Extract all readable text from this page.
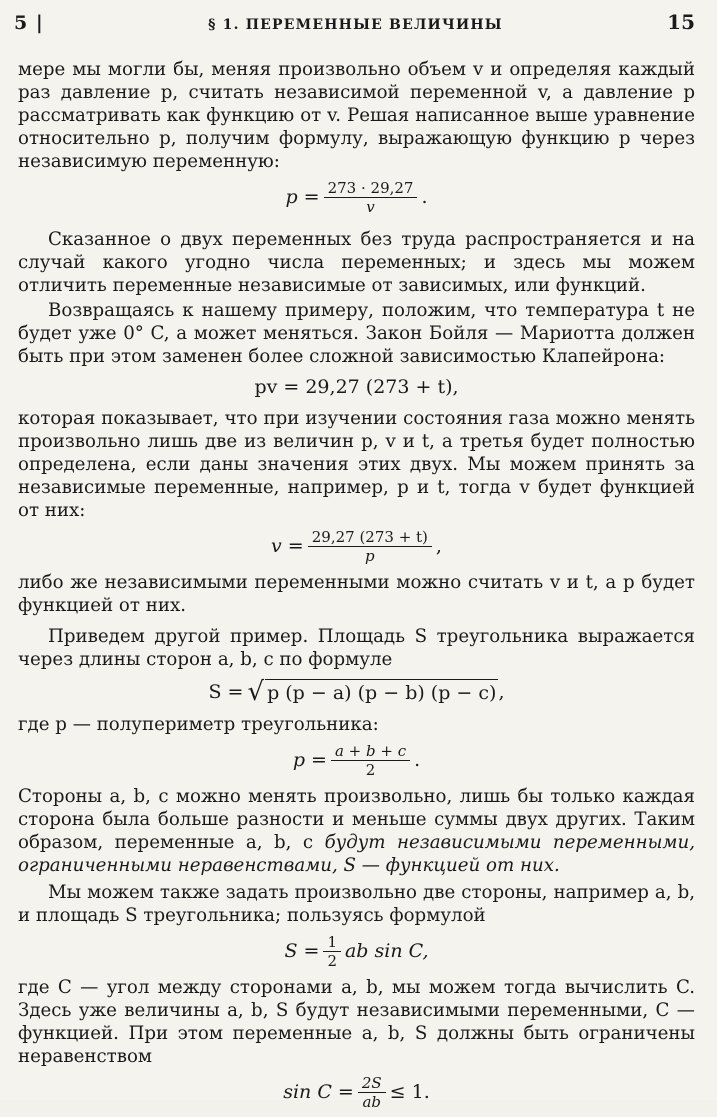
5 |	§ 1. ПЕРЕМЕННЫЕ ВЕЛИЧИНЫ	15

мере мы могли бы, меняя произвольно объем v и определяя каждый раз давление p, считать независимой переменной v, а давление p рассматривать как функцию от v. Решая написанное выше уравнение относительно p, получим формулу, выражающую функцию p через независимую переменную:

$p = \frac{273 \cdot 29,27}{v}$ .

Сказанное о двух переменных без труда распространяется и на случай какого угодно числа переменных; и здесь мы можем отличить переменные независимые от зависимых, или функций.

Возвращаясь к нашему примеру, положим, что температура t не будет уже 0° C, а может меняться. Закон Бойля — Мариотта должен быть при этом заменен более сложной зависимостью Клапейрона:

pv = 29,27 (273 + t),

которая показывает, что при изучении состояния газа можно менять произвольно лишь две из величин p, v и t, а третья будет полностью определена, если даны значения этих двух. Мы можем принять за независимые переменные, например, p и t, тогда v будет функцией от них:

$v = \frac{29,27 (273 + t)}{p}$ ,

либо же независимыми переменными можно считать v и t, а p будет функцией от них.

Приведем другой пример. Площадь S треугольника выражается через длины сторон a, b, c по формуле

S = √ p (p − a) (p − b) (p − c) ,

где p — полупериметр треугольника:

$p = \frac{a + b + c}{2}$ .

Стороны a, b, c можно менять произвольно, лишь бы только каждая сторона была больше разности и меньше суммы двух других. Таким образом, переменные a, b, c будут независимыми переменными, ограниченными неравенствами, S — функцией от них.

Мы можем также задать произвольно две стороны, например a, b, и площадь S треугольника; пользуясь формулой

$S = \frac{1}{2}$ ab sin C,

где C — угол между сторонами a, b, мы можем тогда вычислить C. Здесь уже величины a, b, S будут независимыми переменными, C — функцией. При этом переменные a, b, S должны быть ограничены неравенством

$\sin C = \frac{2S}{ab} \le 1$.
